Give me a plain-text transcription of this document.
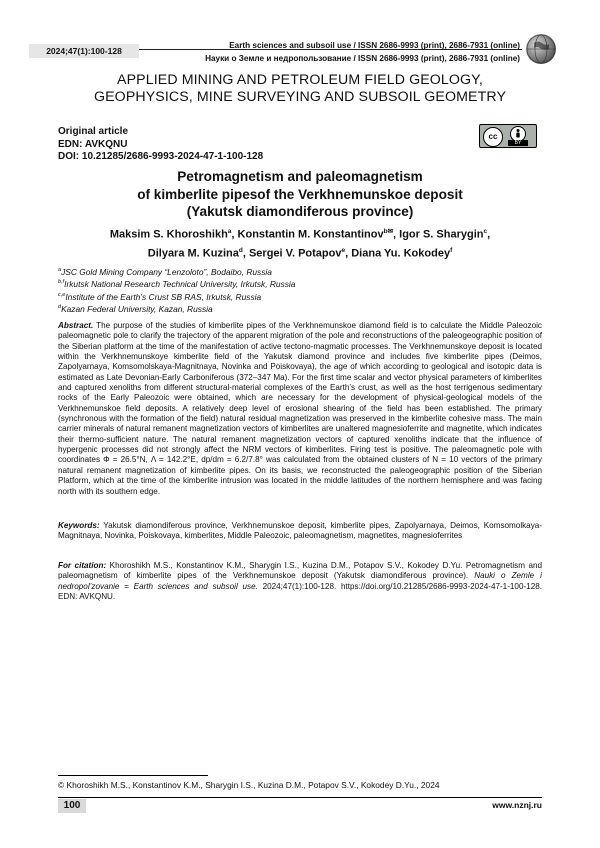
2024;47(1):100-128
Earth sciences and subsoil use / ISSN 2686-9993 (print), 2686-7931 (online)
Науки о Земле и недропользование / ISSN 2686-9993 (print), 2686-7931 (online)
APPLIED MINING AND PETROLEUM FIELD GEOLOGY,
GEOPHYSICS, MINE SURVEYING AND SUBSOIL GEOMETRY
Original article
EDN: AVKQNU
DOI: 10.21285/2686-9993-2024-47-1-100-128
cc
BY
Petromagnetism and paleomagnetism
of kimberlite pipesof the Verkhnemunskoe deposit
(Yakutsk diamondiferous province)
Maksim S. Khoroshikh$^a$, Konstantin M. Konstantinov$^{b✉}$, Igor S. Sharygin$^c$,
Dilyara M. Kuzina$^d$, Sergei V. Potapov$^e$, Diana Yu. Kokodey$^f$
$^a$JSC Gold Mining Company “Lenzoloto”, Bodaibo, Russia
$^{b,f}$Irkutsk National Research Technical University, Irkutsk, Russia
$^{c,e}$Institute of the Earth’s Crust SB RAS, Irkutsk, Russia
$^d$Kazan Federal University, Kazan, Russia
Abstract. The purpose of the studies of kimberlite pipes of the Verkhnemunskoe diamond field is to calculate the Middle Paleozoic paleomagnetic pole to clarify the trajectory of the apparent migration of the pole and reconstructions of the paleogeographic position of the Siberian platform at the time of the manifestation of active tectono-magmatic processes. The Verkhnemunskoye deposit is located within the Verkhnemunskoye kimberlite field of the Yakutsk diamond province and includes five kimberlite pipes (Deimos, Zapolyarnaya, Komsomolskaya-Magnitnaya, Novinka and Poiskovaya), the age of which according to geological and isotopic data is estimated as Late Devonian-Early Carboniferous (372–347 Ma). For the first time scalar and vector physical parameters of kimberlites and captured xenoliths from different structural-material complexes of the Earth’s crust, as well as the host terrigenous sedimentary rocks of the Early Paleozoic were obtained, which are necessary for the development of physical-geological models of the Verkhnemunskoe field deposits. A relatively deep level of erosional shearing of the field has been established. The primary (synchronous with the formation of the field) natural residual magnetization was preserved in the kimberlite cohesive mass. The main carrier minerals of natural remanent magnetization vectors of kimberlites are unaltered magnesioferrite and magnetite, which indicates their thermo-sufficient nature. The natural remanent magnetization vectors of captured xenoliths indicate that the influence of hypergenic processes did not strongly affect the NRM vectors of kimberlites. Firing test is positive. The paleomagnetic pole with coordinates Φ = 26.5°N, Λ = 142.2°E, dp/dm = 6.2/7.8° was calculated from the obtained clusters of N = 10 vectors of the primary natural remanent magnetization of kimberlite pipes. On its basis, we reconstructed the paleogeographic position of the Siberian Platform, which at the time of the kimberlite intrusion was located in the middle latitudes of the northern hemisphere and was facing north with its southern edge.
Keywords: Yakutsk diamondiferous province, Verkhnemunskoe deposit, kimberlite pipes, Zapolyarnaya, Deimos, Komsomolkaya-Magnitnaya, Novinka, Poiskovaya, kimberlites, Middle Paleozoic, paleomagnetism, magnetites, magnesioferrites
For citation: Khoroshikh M.S., Konstantinov K.M., Sharygin I.S., Kuzina D.M., Potapov S.V., Kokodey D.Yu. Petromagnetism and paleomagnetism of kimberlite pipes of the Verkhnemunskoe deposit (Yakutsk diamondiferous province). Nauki o Zemle i nedropol’zovanie = Earth sciences and subsoil use. 2024;47(1):100-128. https://doi.org/10.21285/2686-9993-2024-47-1-100-128. EDN: AVKQNU.
© Khoroshikh M.S., Konstantinov K.M., Sharygin I.S., Kuzina D.M., Potapov S.V., Kokodey D.Yu., 2024
100	www.nznj.ru
